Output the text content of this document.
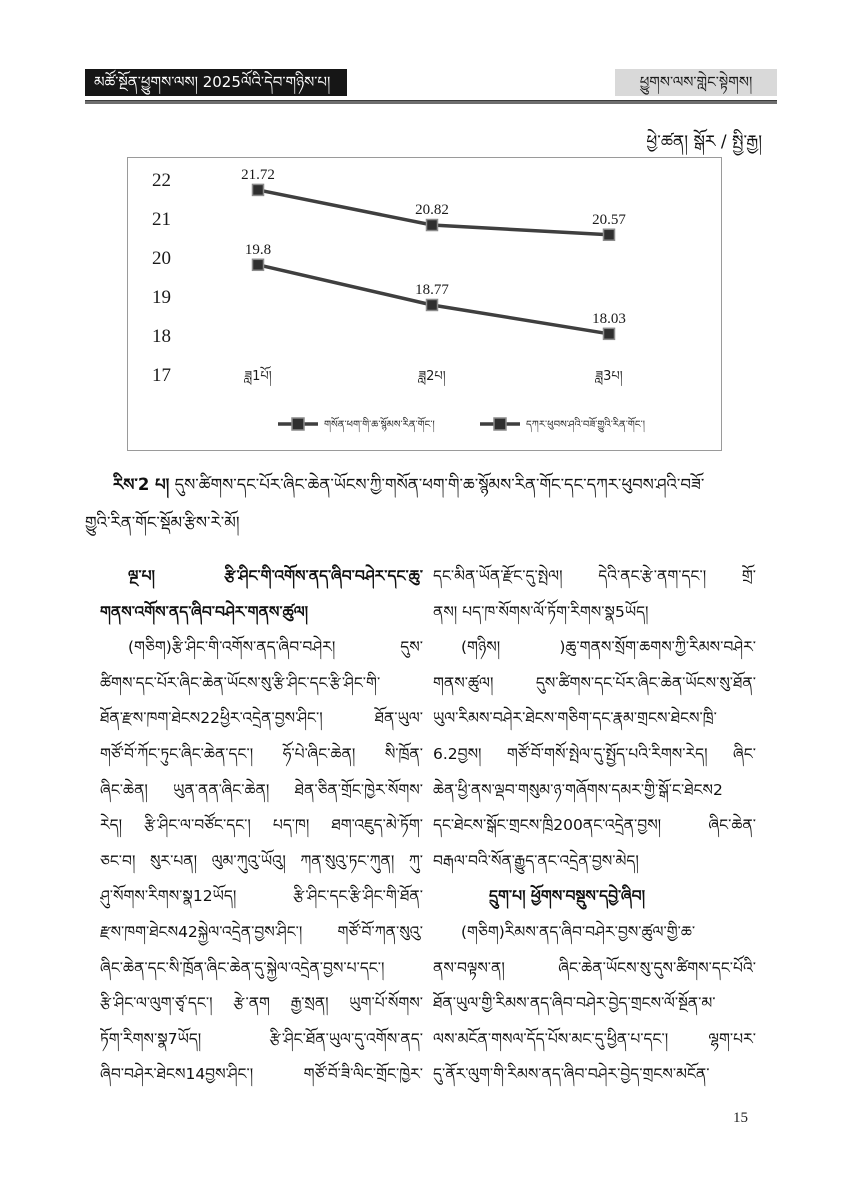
མཚོ་སྔོན་ཕྱུགས་ལས། 2025ལོའི་དེབ་གཉིས་པ།	ཕྱུགས་ལས་གླེང་སྟེགས།
ཕྱེ་ཚན། སྒོར / སྤྱི་རྒྱ།
22
21
20
19
18
17
21.72
20.82
20.57
19.8
18.77
18.03
ཟླ1པོ།	ཟླ2པ།	ཟླ3པ།
གསོན་ཕག་གི་ཆ་སྙོམས་རིན་གོང་།	དཀར་ཕུབས་ཤའི་བཟོ་གྱུའི་རིན་གོང་།
རིས་2 པ། དུས་ཚིགས་དང་པོར་ཞིང་ཆེན་ཡོངས་ཀྱི་གསོན་ཕག་གི་ཆ་སྙོམས་རིན་གོང་དང་དཀར་ཕུབས་ཤའི་བཟོ་
གྱུའི་རིན་གོང་སྡོམ་རྩིས་རེ་མོ།
ལྔ་པ། རྩི་ཤིང་གི་འགོས་ནད་ཞིབ་བཤེར་དང་ཆུ་
གནས་འགོས་ནད་ཞིབ་བཤེར་གནས་ཚུལ།
(གཅིག)རྩི་ཤིང་གི་འགོས་ནད་ཞིབ་བཤེར། དུས་
ཚིགས་དང་པོར་ཞིང་ཆེན་ཡོངས་སུ་རྩི་ཤིང་དང་རྩི་ཤིང་གི་
ཐོན་རྫས་ཁག་ཐེངས22ཕྱིར་འདྲེན་བྱས་ཤིང་། ཐོན་ཡུལ་
གཙོ་བོ་ཀོང་ཏུང་ཞིང་ཆེན་དང་། ཧོ་པེ་ཞིང་ཆེན། སི་ཁྲོན་
ཞིང་ཆེན། ཡུན་ནན་ཞིང་ཆེན། ཐེན་ཅིན་གྲོང་ཁྱེར་སོགས་
རེད། རྩི་ཤིང་ལ་བཙོང་དང་། པད་ཁ། ཐག་འཇུད་མེ་ཏོག་
ཅང་བ། སུར་པན། ལུམ་ཀུའུ་ཡོའུ། ཀན་སུའུ་ཏང་ཀུན། ཀུ་
ཤུ་སོགས་རིགས་སྣ12ཡོད། རྩི་ཤིང་དང་རྩི་ཤིང་གི་ཐོན་
རྫས་ཁག་ཐེངས42སྐྱེལ་འདྲེན་བྱས་ཤིང་། གཙོ་བོ་ཀན་སུའུ་
ཞིང་ཆེན་དང་སི་ཁྲོན་ཞིང་ཆེན་དུ་སྐྱེལ་འདྲེན་བྱས་པ་དང་།
རྩི་ཤིང་ལ་ལུག་ཙྭ་དང་། རྩེ་ནག རྒྱ་སྲན། ཡུག་པོ་སོགས་
ཏོག་རིགས་སྣ7ཡོད། རྩི་ཤིང་ཐོན་ཡུལ་དུ་འགོས་ནད་
ཞིབ་བཤེར་ཐེངས14བྱས་ཤིང་། གཙོ་བོ་ཟི་ལིང་གྲོང་ཁྱེར་
དང་མིན་ཡོན་རྫོང་དུ་སྤེལ། དེའི་ནང་རྩེ་ནག་དང་། གྲོ་
ནས། པད་ཁ་སོགས་ལོ་ཏོག་རིགས་སྣ5ཡོད།
(གཉིས། )ཆུ་གནས་སྲོག་ཆགས་ཀྱི་རིམས་བཤེར་
གནས་ཚུལ། དུས་ཚིགས་དང་པོར་ཞིང་ཆེན་ཡོངས་སུ་ཐོན་
ཡུལ་རིམས་བཤེར་ཐེངས་གཅིག་དང་རྣམ་གྲངས་ཐེངས་ཁྲི་
6.2བྱས། གཙོ་བོ་གསོ་སྤེལ་དུ་སྤྱོད་པའི་རིགས་རེད། ཞིང་
ཆེན་ཕྱི་ནས་ལྡབ་གསུམ་ཉ་གཞོགས་དམར་གྱི་སྒོ་ང་ཐེངས2
དང་ཐེངས་སྒོང་གྲངས་ཁྲི200ནང་འདྲེན་བྱས། ཞིང་ཆེན་
བརྒལ་བའི་སོན་རྒྱུད་ནང་འདྲེན་བྱས་མེད།
དྲུག་པ། ཕྱོགས་བསྡུས་དབྱེ་ཞིབ།
(གཅིག)རིམས་ནད་ཞིབ་བཤེར་བྱས་ཚུལ་གྱི་ཆ་
ནས་བལྟས་ན། ཞིང་ཆེན་ཡོངས་སུ་དུས་ཚིགས་དང་པོའི་
ཐོན་ཡུལ་གྱི་རིམས་ནད་ཞིབ་བཤེར་བྱེད་གྲངས་ལོ་སྔོན་མ་
ལས་མངོན་གསལ་དོད་པོས་མང་དུ་ཕྱིན་པ་དང་། ལྷག་པར་
དུ་ནོར་ལུག་གི་རིམས་ནད་ཞིབ་བཤེར་བྱེད་གྲངས་མངོན་
15
